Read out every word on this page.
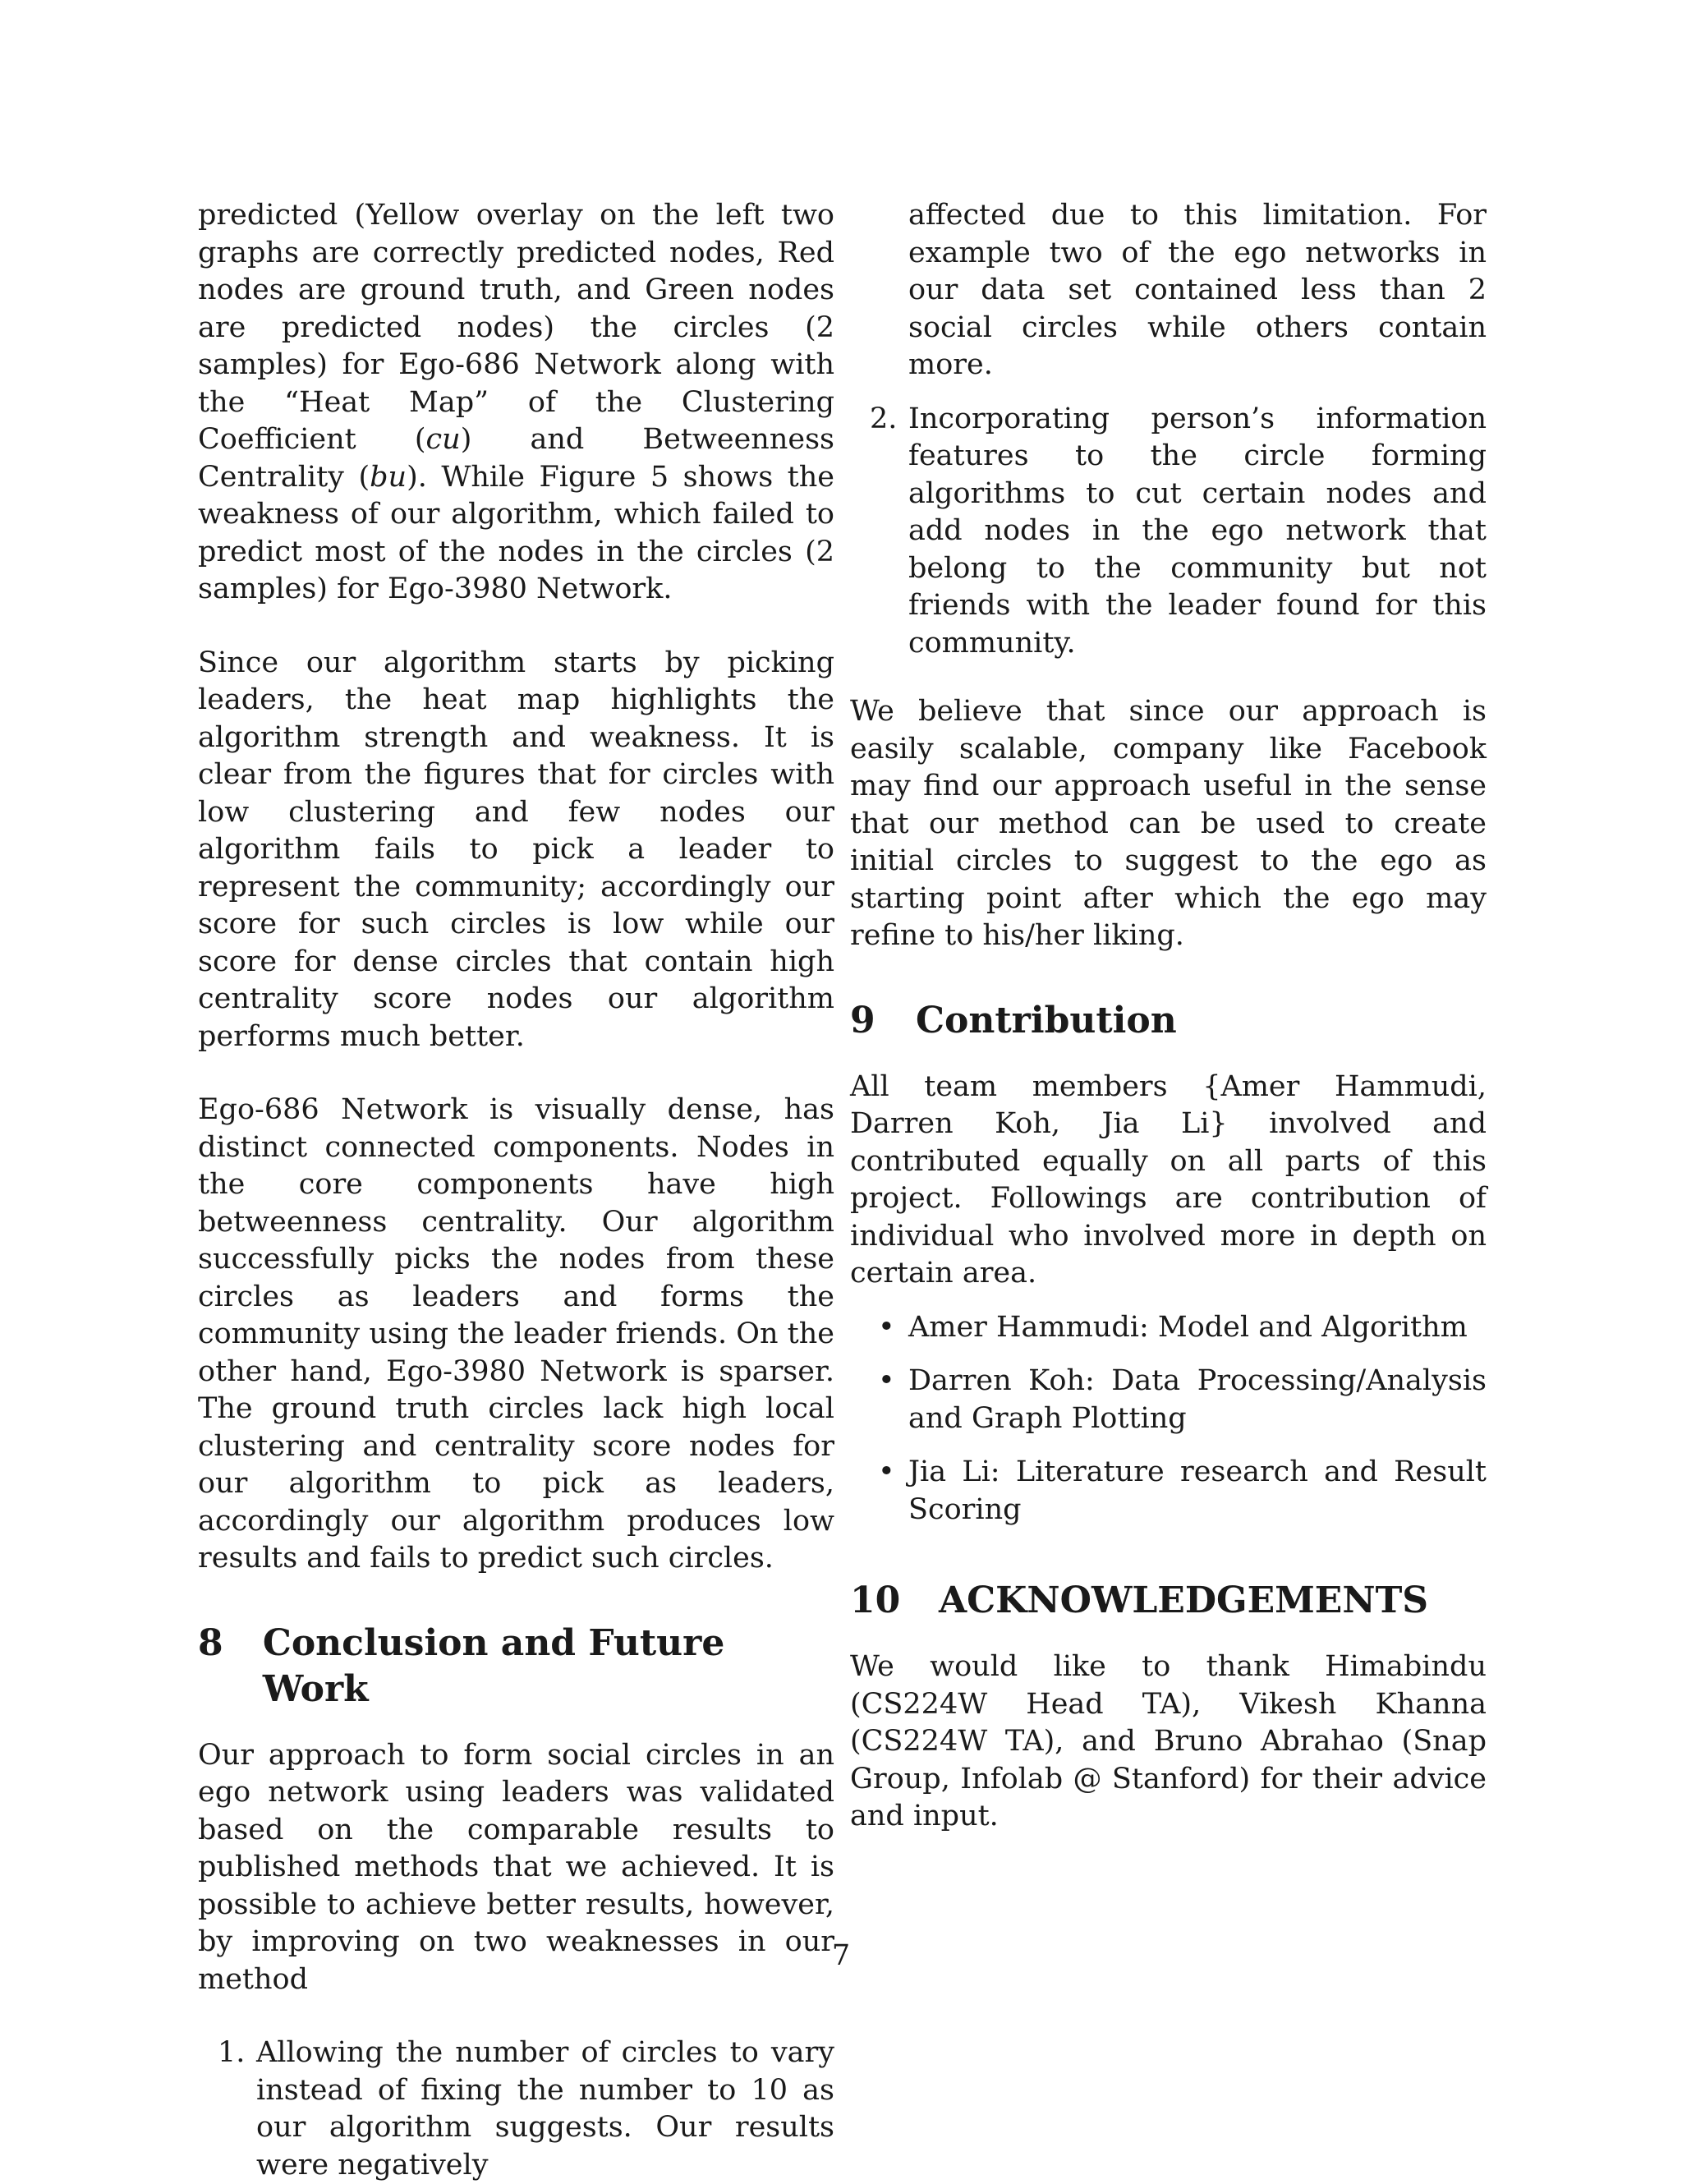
predicted (Yellow overlay on the left two graphs are correctly predicted nodes, Red nodes are ground truth, and Green nodes are predicted nodes) the circles (2 samples) for Ego-686 Network along with the “Heat Map” of the Clustering Coefficient (cu) and Betweenness Centrality (bu). While Figure 5 shows the weakness of our algorithm, which failed to predict most of the nodes in the circles (2 samples) for Ego-3980 Network.

Since our algorithm starts by picking leaders, the heat map highlights the algorithm strength and weakness. It is clear from the figures that for circles with low clustering and few nodes our algorithm fails to pick a leader to represent the community; accordingly our score for such circles is low while our score for dense circles that contain high centrality score nodes our algorithm performs much better.

Ego-686 Network is visually dense, has distinct connected components. Nodes in the core components have high betweenness centrality. Our algorithm successfully picks the nodes from these circles as leaders and forms the community using the leader friends. On the other hand, Ego-3980 Network is sparser. The ground truth circles lack high local clustering and centrality score nodes for our algorithm to pick as leaders, accordingly our algorithm produces low results and fails to predict such circles.

8	Conclusion and Future Work

Our approach to form social circles in an ego network using leaders was validated based on the comparable results to published methods that we achieved. It is possible to achieve better results, however, by improving on two weaknesses in our method

1. Allowing the number of circles to vary instead of fixing the number to 10 as our algorithm suggests. Our results were negatively
affected due to this limitation. For example two of the ego networks in our data set contained less than 2 social circles while others contain more.
2. Incorporating person’s information features to the circle forming algorithms to cut certain nodes and add nodes in the ego network that belong to the community but not friends with the leader found for this community.

We believe that since our approach is easily scalable, company like Facebook may find our approach useful in the sense that our method can be used to create initial circles to suggest to the ego as starting point after which the ego may refine to his/her liking.

9	Contribution

All team members {Amer Hammudi, Darren Koh, Jia Li} involved and contributed equally on all parts of this project. Followings are contribution of individual who involved more in depth on certain area.

• Amer Hammudi: Model and Algorithm
• Darren Koh: Data Processing/Analysis and Graph Plotting
• Jia Li: Literature research and Result Scoring
10	ACKNOWLEDGEMENTS

We would like to thank Himabindu (CS224W Head TA), Vikesh Khanna (CS224W TA), and Bruno Abrahao (Snap Group, Infolab @ Stanford) for their advice and input.

7
